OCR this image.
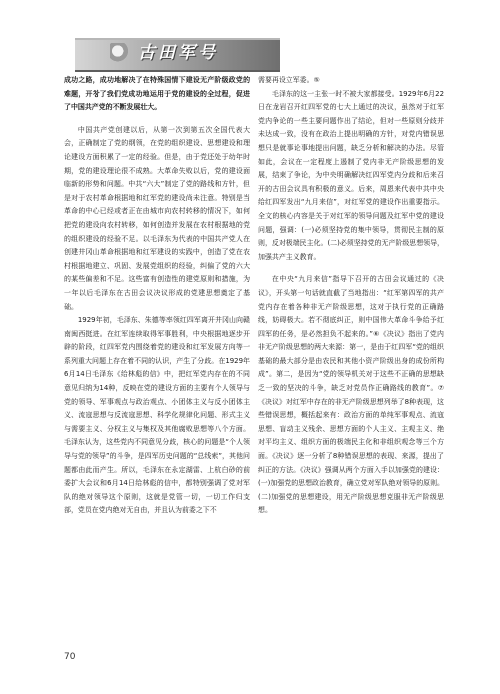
古田军号

成功之路，成功地解决了在特殊国情下建设无产阶级政党的难题，开창了我们党成功地运用于党的建设的全过程，促进了中国共产党的不断发展壮大。

中国共产党创建以后，从第一次到第五次全国代表大会，正确制定了党的纲领，在党的组织建设、思想建设和理论建设方面积累了一定的经验。但是，由于党还处于幼年时期，党的建设理论很不成熟。大革命失败以后，党的建设面临新的形势和问题。中共“六大”制定了党的路线和方针，但是对于农村革命根据地和红军党的建设尚未注意。特别是当革命的中心已经或者正在由城市向农村转移的情况下，如何把党的建设向农村转移，如何创造并发展在农村根据地的党的组织建设的经验不足。以毛泽东为代表的中国共产党人在创建井冈山革命根据地和红军建设的实践中，创造了党在农村根据地建立、巩固、发展党组织的经验，纠偏了党的六大的某些偏差和不足。这些富有创造性的建党原则和措施，为一年以后毛泽东在古田会议决议形成的党建思想奠定了基础。

1929年初，毛泽东、朱德等率领红四军离开井冈山向赣南闽西挺进。在红军连续取得军事胜利，中央根据地逐步开辟的阶段，红四军党内围绕着党的建设和红军发展方向等一系列重大问题上存在着不同的认识，产生了分歧。在1929年6月14日毛泽东《给林彪的信》中，把红军党内存在的不同意见归纳为14种，反映在党的建设方面的主要有个人领导与党的领导、军事观点与政治观点、小团体主义与反小团体主义、流寇思想与反流寇思想、科学化规律化问题、形式主义与需要主义、分权主义与集权及其他腐败思想等八个方面。毛泽东认为，这些党内不同意见分歧，核心的问题是“个人领导与党的领导”的斗争，是四军历史问题的“总线索”，其他问题都由此而产生。所以，毛泽东在永定湖雷、上杭白砂的前委扩大会议和6月14日给林彪的信中，都特别强调了党对军队的绝对领导这个原则，这就是党管一切，一切工作归支部，党员在党内绝对无自由，并且认为前委之下不

需要再设立军委。⑤

毛泽东的这一主张一时不被大家都接受。1929年6月22日在龙岩召开红四军党的七大上通过的决议，虽然对于红军党内争论的一些主要问题作出了结论，但对一些原则分歧并未达成一致，没有在政治上提出明确的方针，对党内错误思想只是就事论事地提出问题，缺乏分析和解决的办法。尽管如此，会议在一定程度上遏制了党内非无产阶级思想的发展，结束了争论，为中央明确解决红四军党内分歧和后来召开的古田会议具有积极的意义。后来，周恩来代表中共中央给红四军发出“九月来信”，对红军党的建设作出重要指示。全文的核心内容是关于对红军的领导问题及红军中党的建设问题，强调：(一)必须坚持党的集中领导，贯彻民主制的原则，反对极端民主化。(二)必须坚持党的无产阶级思想领导，加强共产主义教育。

在中央“九月来信”指导下召开的古田会议通过的《决议》，开头第一句话就直截了当地指出：“红军第四军的共产党内存在着各种非无产阶级思想，这对于执行党的正确路线，妨碍极大。若不彻底纠正，则中国伟大革命斗争给予红四军的任务，是必然担负不起来的。”⑥《决议》指出了党内非无产阶级思想的两大来源：第一，是由于红四军“党的组织基础的最大部分是由农民和其他小资产阶级出身的成份所构成”。第二，是因为“党的领导机关对于这些不正确的思想缺乏一致的坚决的斗争，缺乏对党员作正确路线的教育”。⑦《决议》对红军中存在的非无产阶级思想列举了8种表现，这些错误思想，概括起来有：政治方面的单纯军事观点、流寇思想、盲动主义残余、思想方面的个人主义、主观主义、绝对平均主义、组织方面的极端民主化和非组织观念等三个方面。《决议》逐一分析了8种错误思想的表现、来源，提出了纠正的方法。《决议》强调从两个方面入手以加强党的建设：(一)加强党的思想政治教育，确立党对军队绝对领导的原则。(二)加强党的思想建设，用无产阶级思想克服非无产阶级思想。

70
